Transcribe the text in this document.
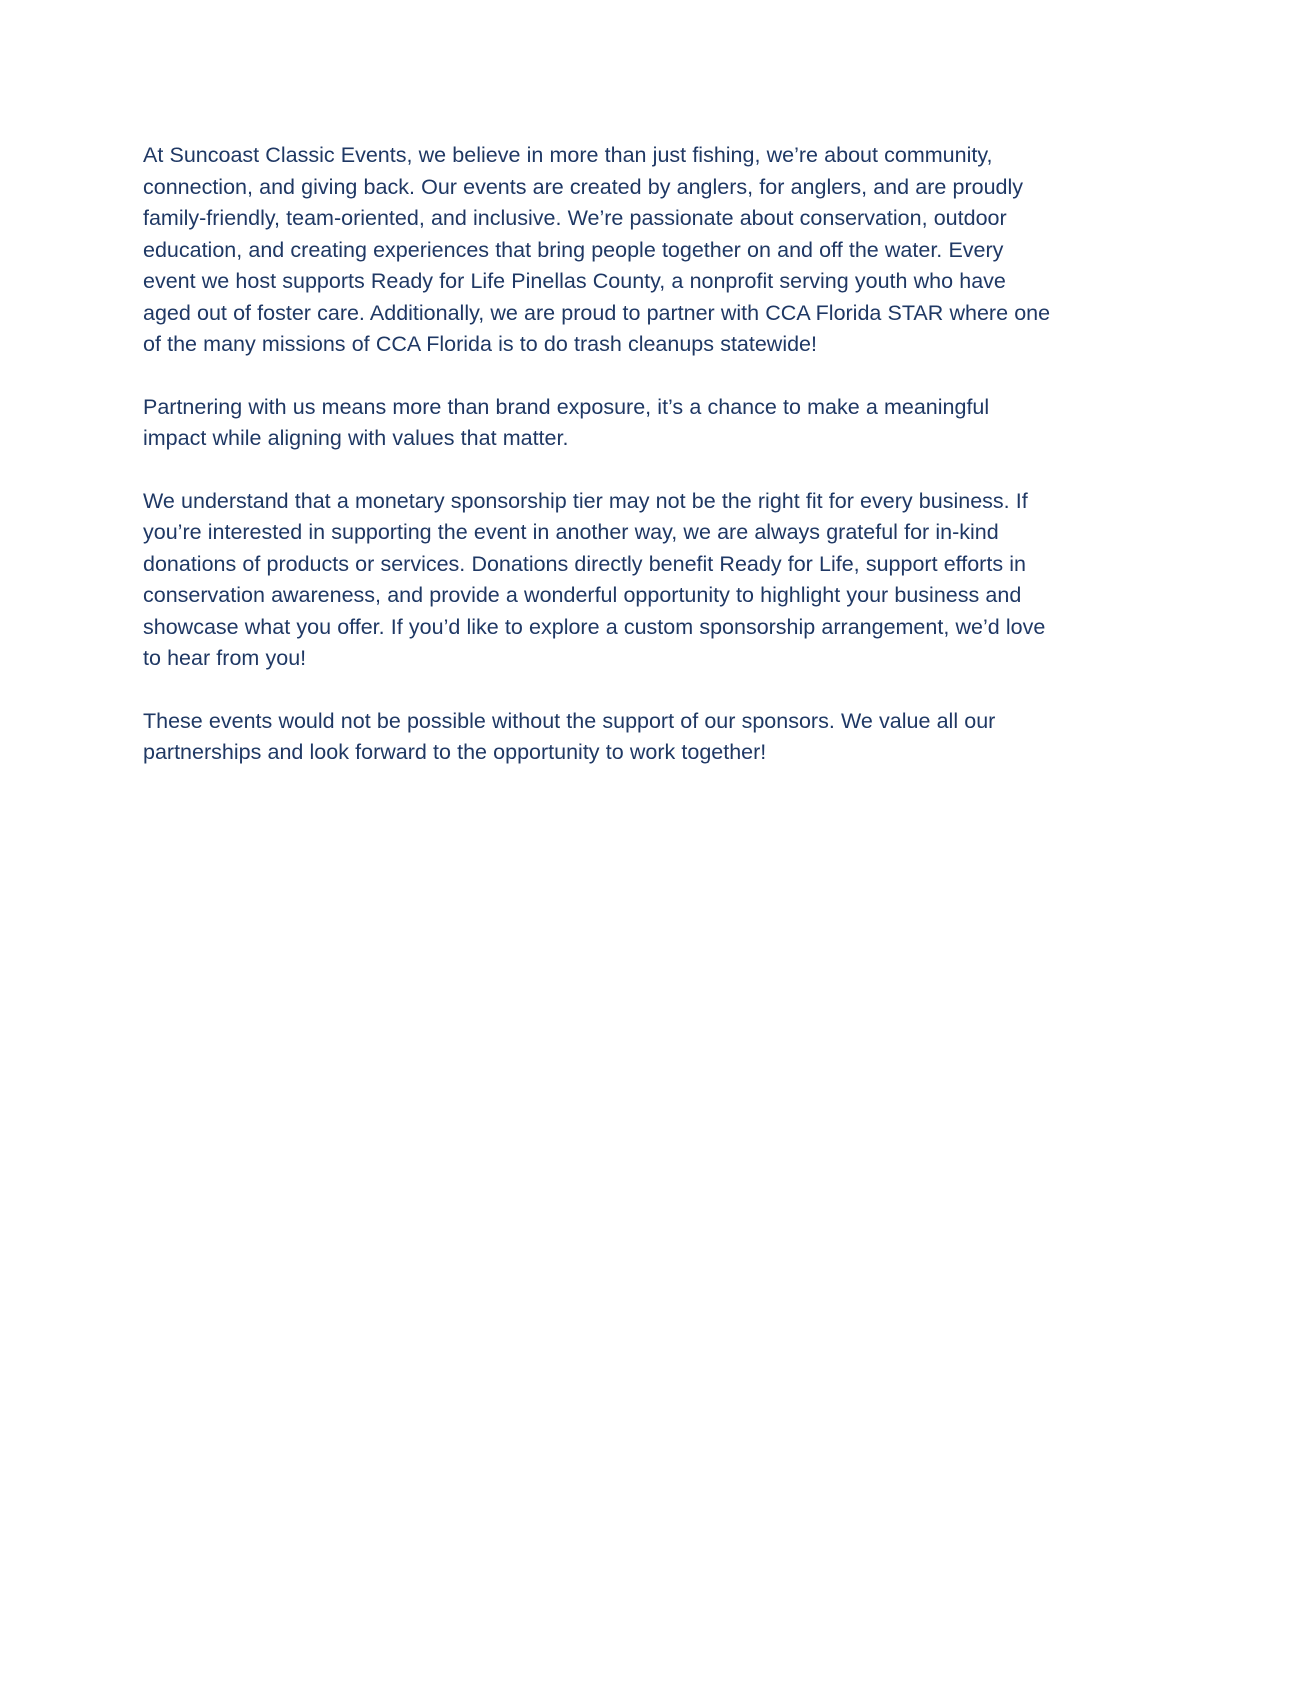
At Suncoast Classic Events, we believe in more than just fishing, we’re about community, connection, and giving back. Our events are created by anglers, for anglers, and are proudly family-friendly, team-oriented, and inclusive. We’re passionate about conservation, outdoor education, and creating experiences that bring people together on and off the water. Every event we host supports Ready for Life Pinellas County, a nonprofit serving youth who have aged out of foster care. Additionally, we are proud to partner with CCA Florida STAR where one of the many missions of CCA Florida is to do trash cleanups statewide!

Partnering with us means more than brand exposure, it’s a chance to make a meaningful impact while aligning with values that matter.

We understand that a monetary sponsorship tier may not be the right fit for every business. If you’re interested in supporting the event in another way, we are always grateful for in-kind donations of products or services. Donations directly benefit Ready for Life, support efforts in conservation awareness, and provide a wonderful opportunity to highlight your business and showcase what you offer. If you’d like to explore a custom sponsorship arrangement, we’d love to hear from you!

These events would not be possible without the support of our sponsors. We value all our partnerships and look forward to the opportunity to work together!
